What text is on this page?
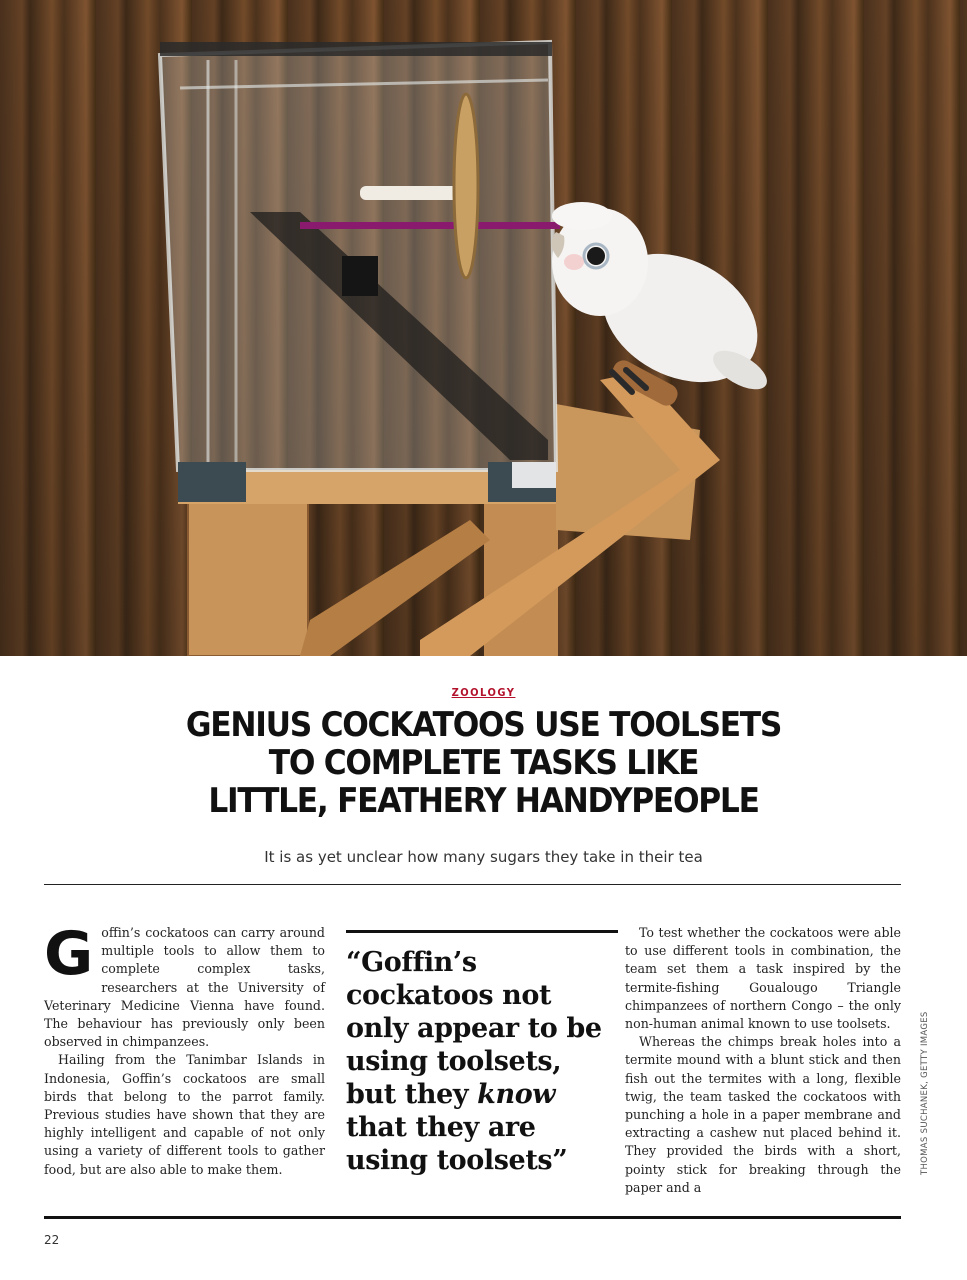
ZOOLOGY
GENIUS COCKATOOS USE TOOLSETS
TO COMPLETE TASKS LIKE
LITTLE, FEATHERY HANDYPEOPLE
It is as yet unclear how many sugars they take in their tea

Goffin’s cockatoos can carry around multiple tools to allow them to complete complex tasks, researchers at the University of Veterinary Medicine Vienna have found. The behaviour has previously only been observed in chimpanzees.

Hailing from the Tanimbar Islands in Indonesia, Goffin’s cockatoos are small birds that belong to the parrot family. Previous studies have shown that they are highly intelligent and capable of not only using a variety of different tools to gather food, but are also able to make them.

“Goffin’s cockatoos not only appear to be using toolsets, but they know that they are using toolsets”

To test whether the cockatoos were able to use different tools in combination, the team set them a task inspired by the termite-fishing Goualougo Triangle chimpanzees of northern Congo – the only non-human animal known to use toolsets.

Whereas the chimps break holes into a termite mound with a blunt stick and then fish out the termites with a long, flexible twig, the team tasked the cockatoos with punching a hole in a paper membrane and extracting a cashew nut placed behind it. They provided the birds with a short, pointy stick for breaking through the paper and a

THOMAS SUCHANEK, GETTY IMAGES
22
